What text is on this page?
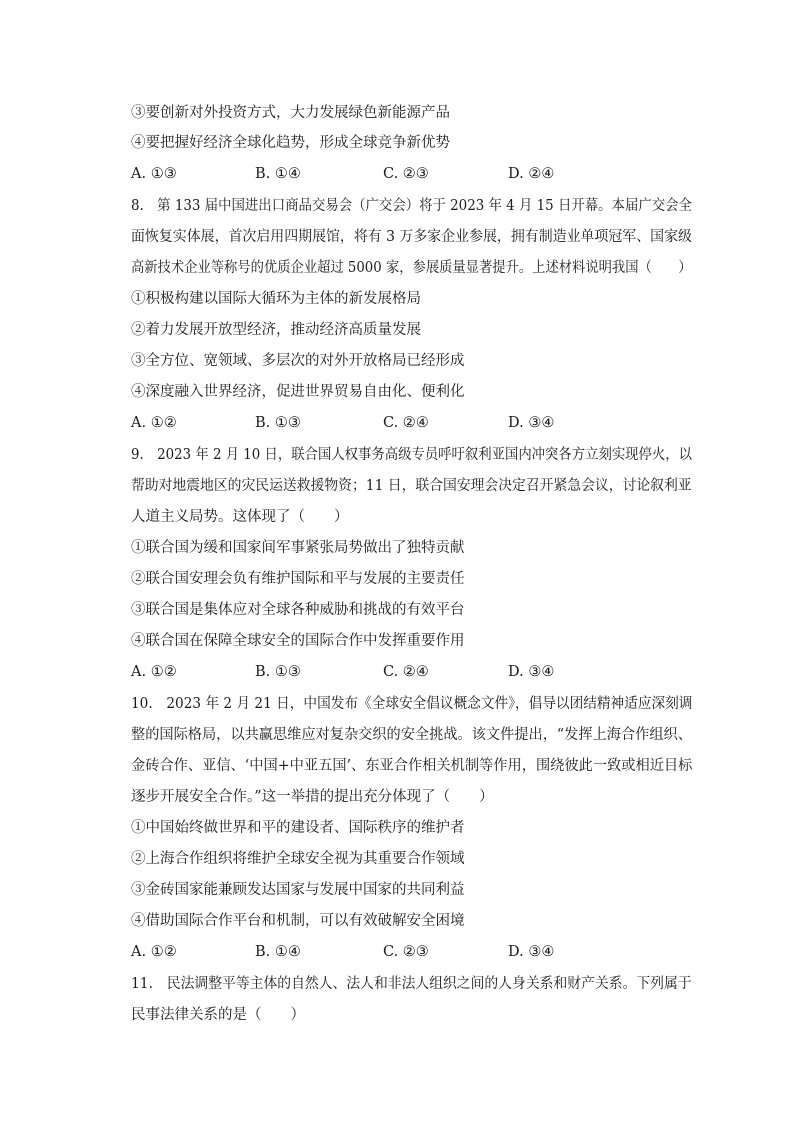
③要创新对外投资方式，大力发展绿色新能源产品
④要把握好经济全球化趋势，形成全球竞争新优势
A. ①③	B. ①④	C. ②③	D. ②④
8.　第 133 届中国进出口商品交易会（广交会）将于 2023 年 4 月 15 日开幕。本届广交会全
面恢复实体展，首次启用四期展馆，将有 3 万多家企业参展，拥有制造业单项冠军、国家级
高新技术企业等称号的优质企业超过 5000 家，参展质量显著提升。上述材料说明我国（　　）
①积极构建以国际大循环为主体的新发展格局
②着力发展开放型经济，推动经济高质量发展
③全方位、宽领域、多层次的对外开放格局已经形成
④深度融入世界经济，促进世界贸易自由化、便利化
A. ①②	B. ①③	C. ②④	D. ③④
9.　2023 年 2 月 10 日，联合国人权事务高级专员呼吁叙利亚国内冲突各方立刻实现停火，以
帮助对地震地区的灾民运送救援物资；11 日，联合国安理会决定召开紧急会议，讨论叙利亚
人道主义局势。这体现了（　　）
①联合国为缓和国家间军事紧张局势做出了独特贡献
②联合国安理会负有维护国际和平与发展的主要责任
③联合国是集体应对全球各种威胁和挑战的有效平台
④联合国在保障全球安全的国际合作中发挥重要作用
A. ①②	B. ①③	C. ②④	D. ③④
10.　2023 年 2 月 21 日，中国发布《全球安全倡议概念文件》，倡导以团结精神适应深刻调
整的国际格局，以共赢思维应对复杂交织的安全挑战。该文件提出，“发挥上海合作组织、
金砖合作、亚信、‘中国+中亚五国’、东亚合作相关机制等作用，围绕彼此一致或相近目标
逐步开展安全合作。”这一举措的提出充分体现了（　　）
①中国始终做世界和平的建设者、国际秩序的维护者
②上海合作组织将维护全球安全视为其重要合作领域
③金砖国家能兼顾发达国家与发展中国家的共同利益
④借助国际合作平台和机制，可以有效破解安全困境
A. ①②	B. ①④	C. ②③	D. ③④
11.　民法调整平等主体的自然人、法人和非法人组织之间的人身关系和财产关系。下列属于
民事法律关系的是（　　）
